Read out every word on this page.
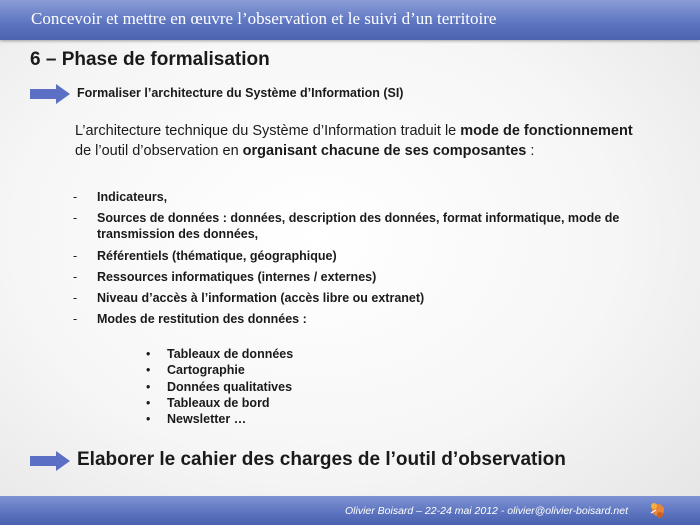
Concevoir et mettre en œuvre l’observation et le suivi d’un territoire
6 – Phase de formalisation
Formaliser l’architecture du Système d’Information (SI)
L’architecture technique du Système d’Information traduit le mode de fonctionnement de l’outil d’observation en organisant chacune de ses composantes :
- Indicateurs,
- Sources de données : données, description des données, format informatique, mode de transmission des données,
- Référentiels (thématique, géographique)
- Ressources informatiques (internes / externes)
- Niveau d’accès à l’information (accès libre ou extranet)
- Modes de restitution des données :
• Tableaux de données
• Cartographie
• Données qualitatives
• Tableaux de bord
• Newsletter …
Elaborer le cahier des charges de l’outil d’observation
Olivier Boisard – 22-24 mai 2012 - olivier@olivier-boisard.net
